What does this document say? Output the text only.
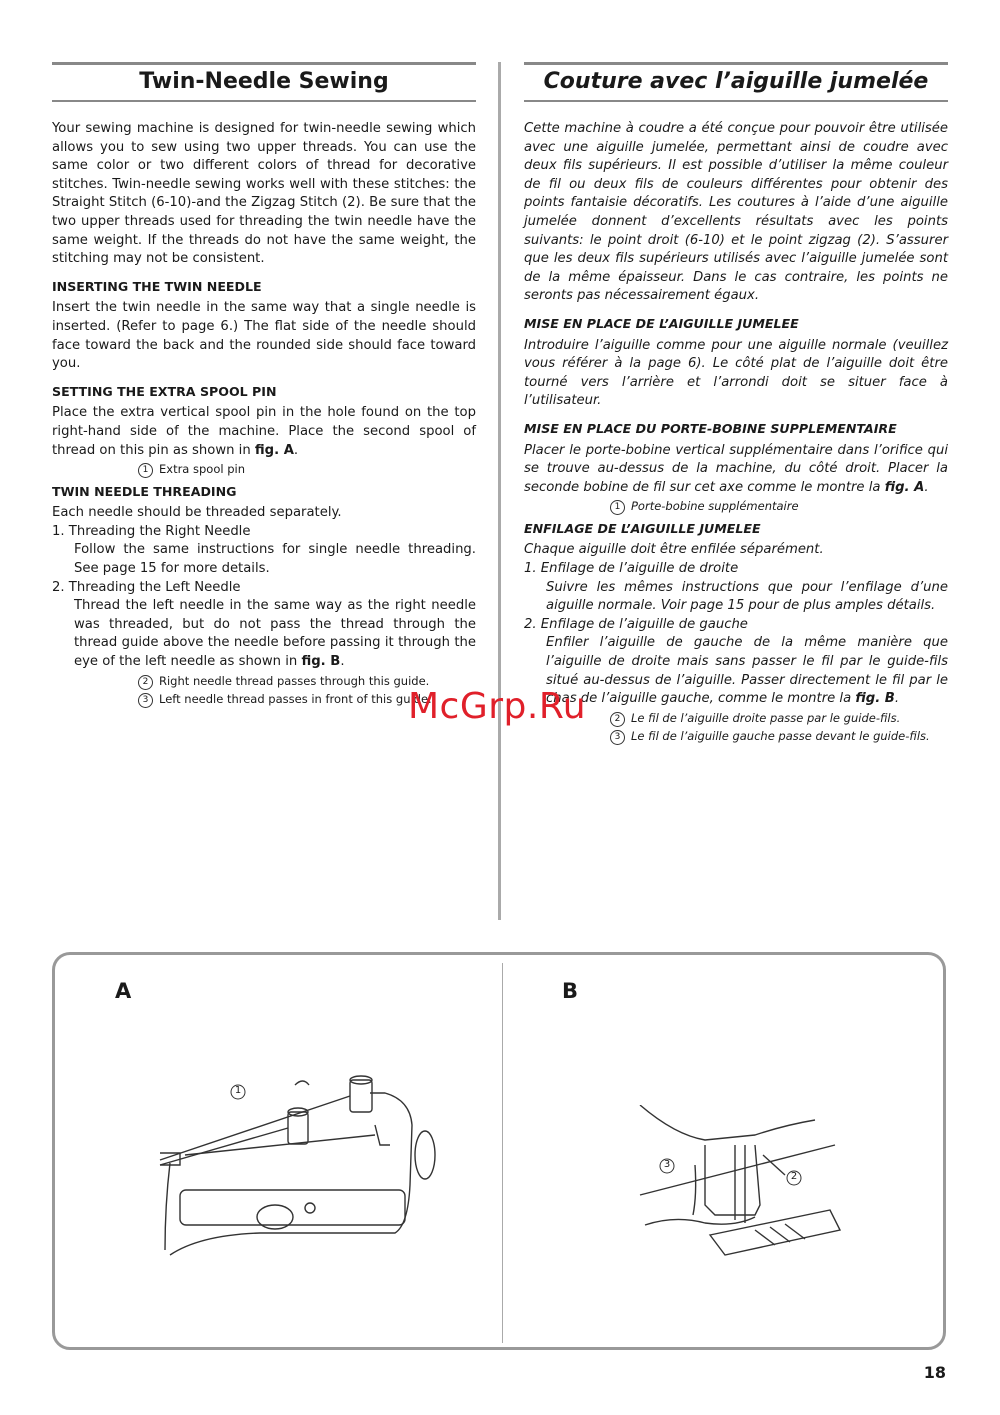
Twin-Needle Sewing

Your sewing machine is designed for twin-needle sewing which allows you to sew using two upper threads. You can use the same color or two different colors of thread for decorative stitches. Twin-needle sewing works well with these stitches: the Straight Stitch (6-10)-and the Zigzag Stitch (2). Be sure that the two upper threads used for threading the twin needle have the same weight. If the threads do not have the same weight, the stitching may not be consistent.

INSERTING THE TWIN NEEDLE

Insert the twin needle in the same way that a single needle is inserted. (Refer to page 6.) The flat side of the needle should face toward the back and the rounded side should face toward you.

SETTING THE EXTRA SPOOL PIN

Place the extra vertical spool pin in the hole found on the top right-hand side of the machine. Place the second spool of thread on this pin as shown in fig. A.

1 Extra spool pin

TWIN NEEDLE THREADING

Each needle should be threaded separately.

1. Threading the Right Needle

Follow the same instructions for single needle threading. See page 15 for more details.

2. Threading the Left Needle

Thread the left needle in the same way as the right needle was threaded, but do not pass the thread through the thread guide above the needle before passing it through the eye of the left needle as shown in fig. B.

2 Right needle thread passes through this guide.

3 Left needle thread passes in front of this guide.

Couture avec l’aiguille jumelée

Cette machine à coudre a été conçue pour pouvoir être utilisée avec une aiguille jumelée, permettant ainsi de coudre avec deux fils supérieurs. Il est possible d’utiliser la même couleur de fil ou deux fils de couleurs différentes pour obtenir des points fantaisie décoratifs. Les coutures à l’aide d’une aiguille jumelée donnent d’excellents résultats avec les points suivants: le point droit (6-10) et le point zigzag (2). S’assurer que les deux fils supérieurs utilisés avec l’aiguille jumelée sont de la même épaisseur. Dans le cas contraire, les points ne seronts pas nécessairement égaux.

MISE EN PLACE DE L’AIGUILLE JUMELEE

Introduire l’aiguille comme pour une aiguille normale (veuillez vous référer à la page 6). Le côté plat de l’aiguille doit être tourné vers l’arrière et l’arrondi doit se situer face à l’utilisateur.

MISE EN PLACE DU PORTE-BOBINE SUPPLEMENTAIRE

Placer le porte-bobine vertical supplémentaire dans l’orifice qui se trouve au-dessus de la machine, du côté droit. Placer la seconde bobine de fil sur cet axe comme le montre la fig. A.

1 Porte-bobine supplémentaire

ENFILAGE DE L’AIGUILLE JUMELEE

Chaque aiguille doit être enfilée séparément.

1. Enfilage de l’aiguille de droite

Suivre les mêmes instructions que pour l’enfilage d’une aiguille normale. Voir page 15 pour de plus amples détails.

2. Enfilage de l’aiguille de gauche

Enfiler l’aiguille de gauche de la même manière que l’aiguille de droite mais sans passer le fil par le guide-fils situé au-dessus de l’aiguille. Passer directement le fil par le chas de l’aiguille gauche, comme le montre la fig. B.

2 Le fil de l’aiguille droite passe par le guide-fils.

3 Le fil de l’aiguille gauche passe devant le guide-fils.

McGrp.Ru
A	B
1
3
2
18
